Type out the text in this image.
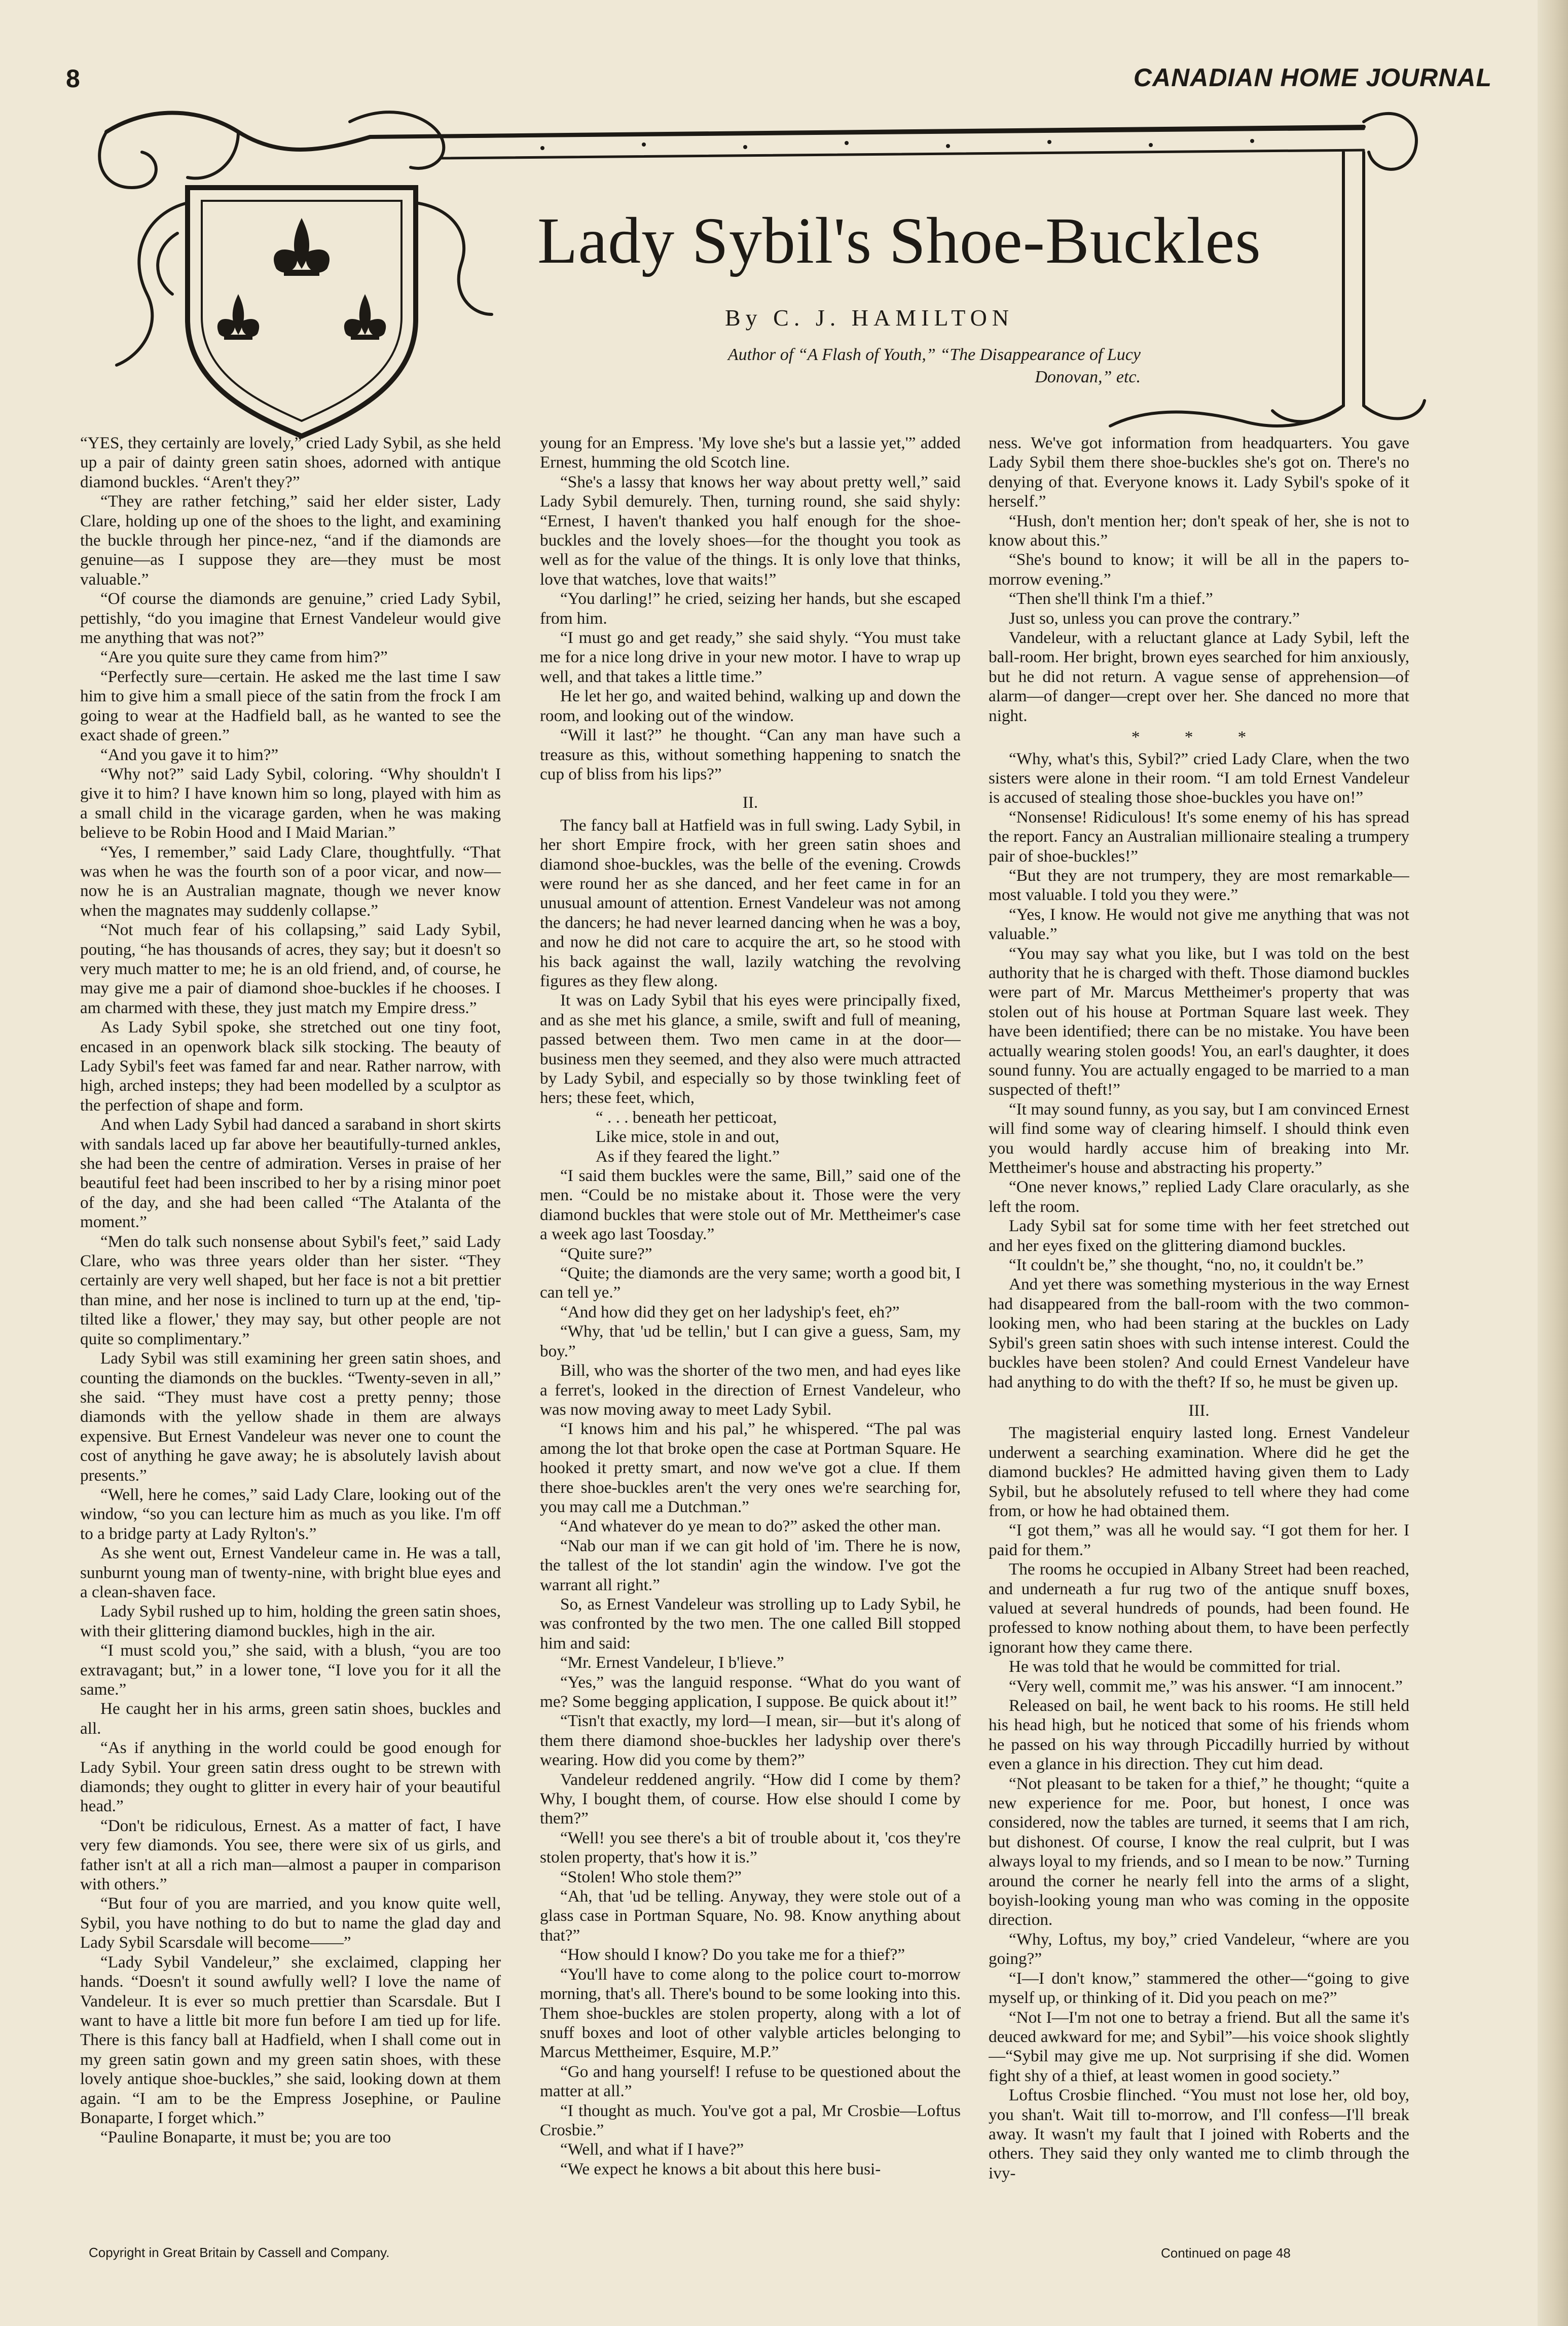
8	CANADIAN HOME JOURNAL
Lady Sybil's Shoe-Buckles
By C. J. HAMILTON
Author of “A Flash of Youth,” “The Disappearance of Lucy Donovan,” etc.

“YES, they certainly are lovely,” cried Lady Sybil, as she held up a pair of dainty green satin shoes, adorned with antique diamond buckles. “Aren't they?”

“They are rather fetching,” said her elder sister, Lady Clare, holding up one of the shoes to the light, and examining the buckle through her pince-nez, “and if the diamonds are genuine—as I suppose they are—they must be most valuable.”

“Of course the diamonds are genuine,” cried Lady Sybil, pettishly, “do you imagine that Ernest Vandeleur would give me anything that was not?”

“Are you quite sure they came from him?”

“Perfectly sure—certain. He asked me the last time I saw him to give him a small piece of the satin from the frock I am going to wear at the Hadfield ball, as he wanted to see the exact shade of green.”

“And you gave it to him?”

“Why not?” said Lady Sybil, coloring. “Why shouldn't I give it to him? I have known him so long, played with him as a small child in the vicarage garden, when he was making believe to be Robin Hood and I Maid Marian.”

“Yes, I remember,” said Lady Clare, thoughtfully. “That was when he was the fourth son of a poor vicar, and now—now he is an Australian magnate, though we never know when the magnates may suddenly collapse.”

“Not much fear of his collapsing,” said Lady Sybil, pouting, “he has thousands of acres, they say; but it doesn't so very much matter to me; he is an old friend, and, of course, he may give me a pair of diamond shoe-buckles if he chooses. I am charmed with these, they just match my Empire dress.”

As Lady Sybil spoke, she stretched out one tiny foot, encased in an openwork black silk stocking. The beauty of Lady Sybil's feet was famed far and near. Rather narrow, with high, arched insteps; they had been modelled by a sculptor as the perfection of shape and form.

And when Lady Sybil had danced a saraband in short skirts with sandals laced up far above her beautifully-turned ankles, she had been the centre of admiration. Verses in praise of her beautiful feet had been inscribed to her by a rising minor poet of the day, and she had been called “The Atalanta of the moment.”

“Men do talk such nonsense about Sybil's feet,” said Lady Clare, who was three years older than her sister. “They certainly are very well shaped, but her face is not a bit prettier than mine, and her nose is inclined to turn up at the end, 'tip-tilted like a flower,' they may say, but other people are not quite so complimentary.”

Lady Sybil was still examining her green satin shoes, and counting the diamonds on the buckles. “Twenty-seven in all,” she said. “They must have cost a pretty penny; those diamonds with the yellow shade in them are always expensive. But Ernest Vandeleur was never one to count the cost of anything he gave away; he is absolutely lavish about presents.”

“Well, here he comes,” said Lady Clare, looking out of the window, “so you can lecture him as much as you like. I'm off to a bridge party at Lady Rylton's.”

As she went out, Ernest Vandeleur came in. He was a tall, sunburnt young man of twenty-nine, with bright blue eyes and a clean-shaven face.

Lady Sybil rushed up to him, holding the green satin shoes, with their glittering diamond buckles, high in the air.

“I must scold you,” she said, with a blush, “you are too extravagant; but,” in a lower tone, “I love you for it all the same.”

He caught her in his arms, green satin shoes, buckles and all.

“As if anything in the world could be good enough for Lady Sybil. Your green satin dress ought to be strewn with diamonds; they ought to glitter in every hair of your beautiful head.”

“Don't be ridiculous, Ernest. As a matter of fact, I have very few diamonds. You see, there were six of us girls, and father isn't at all a rich man—almost a pauper in comparison with others.”

“But four of you are married, and you know quite well, Sybil, you have nothing to do but to name the glad day and Lady Sybil Scarsdale will become——”

“Lady Sybil Vandeleur,” she exclaimed, clapping her hands. “Doesn't it sound awfully well? I love the name of Vandeleur. It is ever so much prettier than Scarsdale. But I want to have a little bit more fun before I am tied up for life. There is this fancy ball at Hadfield, when I shall come out in my green satin gown and my green satin shoes, with these lovely antique shoe-buckles,” she said, looking down at them again. “I am to be the Empress Josephine, or Pauline Bonaparte, I forget which.”

“Pauline Bonaparte, it must be; you are too

young for an Empress. 'My love she's but a lassie yet,'” added Ernest, humming the old Scotch line.

“She's a lassy that knows her way about pretty well,” said Lady Sybil demurely. Then, turning round, she said shyly: “Ernest, I haven't thanked you half enough for the shoe-buckles and the lovely shoes—for the thought you took as well as for the value of the things. It is only love that thinks, love that watches, love that waits!”

“You darling!” he cried, seizing her hands, but she escaped from him.

“I must go and get ready,” she said shyly. “You must take me for a nice long drive in your new motor. I have to wrap up well, and that takes a little time.”

He let her go, and waited behind, walking up and down the room, and looking out of the window.

“Will it last?” he thought. “Can any man have such a treasure as this, without something happening to snatch the cup of bliss from his lips?”

II.

The fancy ball at Hatfield was in full swing. Lady Sybil, in her short Empire frock, with her green satin shoes and diamond shoe-buckles, was the belle of the evening. Crowds were round her as she danced, and her feet came in for an unusual amount of attention. Ernest Vandeleur was not among the dancers; he had never learned dancing when he was a boy, and now he did not care to acquire the art, so he stood with his back against the wall, lazily watching the revolving figures as they flew along.

It was on Lady Sybil that his eyes were principally fixed, and as she met his glance, a smile, swift and full of meaning, passed between them. Two men came in at the door—business men they seemed, and they also were much attracted by Lady Sybil, and especially so by those twinkling feet of hers; these feet, which,

“ . . . beneath her petticoat,

Like mice, stole in and out,

As if they feared the light.”

“I said them buckles were the same, Bill,” said one of the men. “Could be no mistake about it. Those were the very diamond buckles that were stole out of Mr. Mettheimer's case a week ago last Toosday.”

“Quite sure?”

“Quite; the diamonds are the very same; worth a good bit, I can tell ye.”

“And how did they get on her ladyship's feet, eh?”

“Why, that 'ud be tellin,' but I can give a guess, Sam, my boy.”

Bill, who was the shorter of the two men, and had eyes like a ferret's, looked in the direction of Ernest Vandeleur, who was now moving away to meet Lady Sybil.

“I knows him and his pal,” he whispered. “The pal was among the lot that broke open the case at Portman Square. He hooked it pretty smart, and now we've got a clue. If them there shoe-buckles aren't the very ones we're searching for, you may call me a Dutchman.”

“And whatever do ye mean to do?” asked the other man.

“Nab our man if we can git hold of 'im. There he is now, the tallest of the lot standin' agin the window. I've got the warrant all right.”

So, as Ernest Vandeleur was strolling up to Lady Sybil, he was confronted by the two men. The one called Bill stopped him and said:

“Mr. Ernest Vandeleur, I b'lieve.”

“Yes,” was the languid response. “What do you want of me? Some begging application, I suppose. Be quick about it!”

“Tisn't that exactly, my lord—I mean, sir—but it's along of them there diamond shoe-buckles her ladyship over there's wearing. How did you come by them?”

Vandeleur reddened angrily. “How did I come by them? Why, I bought them, of course. How else should I come by them?”

“Well! you see there's a bit of trouble about it, 'cos they're stolen property, that's how it is.”

“Stolen! Who stole them?”

“Ah, that 'ud be telling. Anyway, they were stole out of a glass case in Portman Square, No. 98. Know anything about that?”

“How should I know? Do you take me for a thief?”

“You'll have to come along to the police court to-morrow morning, that's all. There's bound to be some looking into this. Them shoe-buckles are stolen property, along with a lot of snuff boxes and loot of other valyble articles belonging to Marcus Mettheimer, Esquire, M.P.”

“Go and hang yourself! I refuse to be questioned about the matter at all.”

“I thought as much. You've got a pal, Mr Crosbie—Loftus Crosbie.”

“Well, and what if I have?”

“We expect he knows a bit about this here busi-

ness. We've got information from headquarters. You gave Lady Sybil them there shoe-buckles she's got on. There's no denying of that. Everyone knows it. Lady Sybil's spoke of it herself.”

“Hush, don't mention her; don't speak of her, she is not to know about this.”

“She's bound to know; it will be all in the papers to-morrow evening.”

“Then she'll think I'm a thief.”

Just so, unless you can prove the contrary.”

Vandeleur, with a reluctant glance at Lady Sybil, left the ball-room. Her bright, brown eyes searched for him anxiously, but he did not return. A vague sense of apprehension—of alarm—of danger—crept over her. She danced no more that night.

* * *

“Why, what's this, Sybil?” cried Lady Clare, when the two sisters were alone in their room. “I am told Ernest Vandeleur is accused of stealing those shoe-buckles you have on!”

“Nonsense! Ridiculous! It's some enemy of his has spread the report. Fancy an Australian millionaire stealing a trumpery pair of shoe-buckles!”

“But they are not trumpery, they are most remarkable—most valuable. I told you they were.”

“Yes, I know. He would not give me anything that was not valuable.”

“You may say what you like, but I was told on the best authority that he is charged with theft. Those diamond buckles were part of Mr. Marcus Mettheimer's property that was stolen out of his house at Portman Square last week. They have been identified; there can be no mistake. You have been actually wearing stolen goods! You, an earl's daughter, it does sound funny. You are actually engaged to be married to a man suspected of theft!”

“It may sound funny, as you say, but I am convinced Ernest will find some way of clearing himself. I should think even you would hardly accuse him of breaking into Mr. Mettheimer's house and abstracting his property.”

“One never knows,” replied Lady Clare oracularly, as she left the room.

Lady Sybil sat for some time with her feet stretched out and her eyes fixed on the glittering diamond buckles.

“It couldn't be,” she thought, “no, no, it couldn't be.”

And yet there was something mysterious in the way Ernest had disappeared from the ball-room with the two common-looking men, who had been staring at the buckles on Lady Sybil's green satin shoes with such intense interest. Could the buckles have been stolen? And could Ernest Vandeleur have had anything to do with the theft? If so, he must be given up.

III.

The magisterial enquiry lasted long. Ernest Vandeleur underwent a searching examination. Where did he get the diamond buckles? He admitted having given them to Lady Sybil, but he absolutely refused to tell where they had come from, or how he had obtained them.

“I got them,” was all he would say. “I got them for her. I paid for them.”

The rooms he occupied in Albany Street had been reached, and underneath a fur rug two of the antique snuff boxes, valued at several hundreds of pounds, had been found. He professed to know nothing about them, to have been perfectly ignorant how they came there.

He was told that he would be committed for trial.

“Very well, commit me,” was his answer. “I am innocent.”

Released on bail, he went back to his rooms. He still held his head high, but he noticed that some of his friends whom he passed on his way through Piccadilly hurried by without even a glance in his direction. They cut him dead.

“Not pleasant to be taken for a thief,” he thought; “quite a new experience for me. Poor, but honest, I once was considered, now the tables are turned, it seems that I am rich, but dishonest. Of course, I know the real culprit, but I was always loyal to my friends, and so I mean to be now.” Turning around the corner he nearly fell into the arms of a slight, boyish-looking young man who was coming in the opposite direction.

“Why, Loftus, my boy,” cried Vandeleur, “where are you going?”

“I—I don't know,” stammered the other—“going to give myself up, or thinking of it. Did you peach on me?”

“Not I—I'm not one to betray a friend. But all the same it's deuced awkward for me; and Sybil”—his voice shook slightly—“Sybil may give me up. Not surprising if she did. Women fight shy of a thief, at least women in good society.”

Loftus Crosbie flinched. “You must not lose her, old boy, you shan't. Wait till to-morrow, and I'll confess—I'll break away. It wasn't my fault that I joined with Roberts and the others. They said they only wanted me to climb through the ivy-

Copyright in Great Britain by Cassell and Company.	Continued on page 48
